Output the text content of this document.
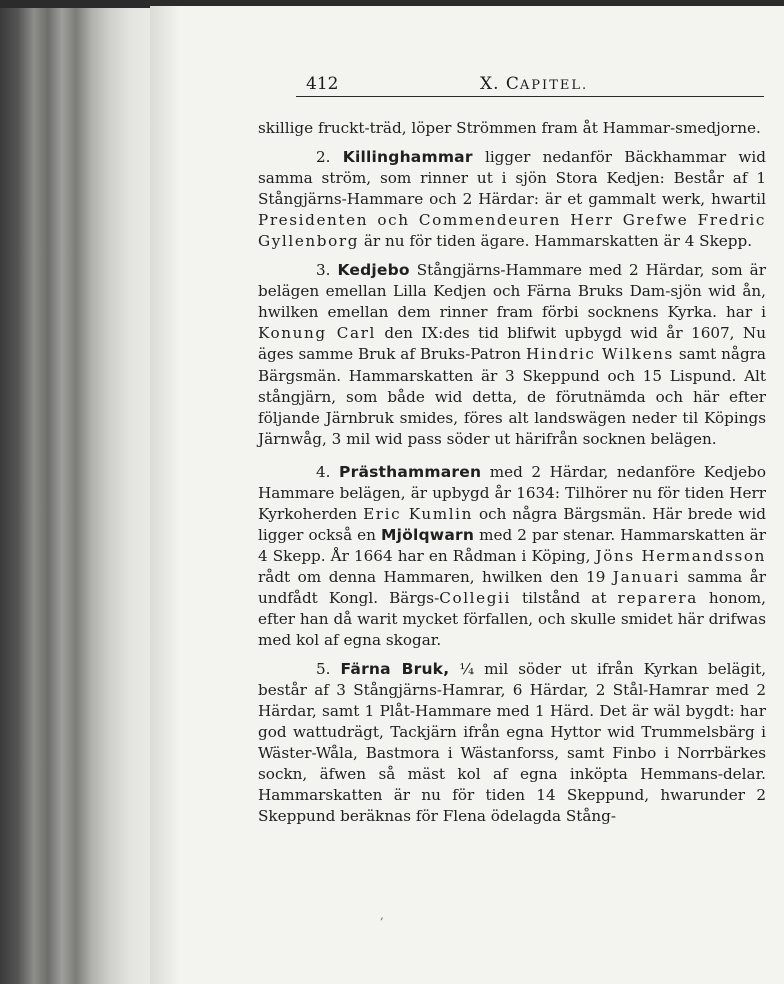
412	X. CAPITEL.

skillige fruckt-träd, löper Strömmen fram åt Hammar-smedjorne.

2. Killinghammar ligger nedanför Bäckhammar wid samma ström, som rinner ut i sjön Stora Kedjen: Består af 1 Stångjärns-Hammare och 2 Härdar: är et gammalt werk, hwartil Presidenten och Commendeuren Herr Grefwe Fredric Gyllenborg är nu för tiden ägare. Hammarskatten är 4 Skepp.

3. Kedjebo Stångjärns-Hammare med 2 Härdar, som är belägen emellan Lilla Kedjen och Färna Bruks Dam-sjön wid ån, hwilken emellan dem rinner fram förbi socknens Kyrka. har i Konung Carl den IX:des tid blifwit upbygd wid år 1607, Nu äges samme Bruk af Bruks-Patron Hindric Wilkens samt några Bärgsmän. Hammarskatten är 3 Skeppund och 15 Lispund. Alt stångjärn, som både wid detta, de förutnämda och här efter följande Järnbruk smides, föres alt landswägen neder til Köpings Järnwåg, 3 mil wid pass söder ut härifrån socknen belägen.

4. Prästhammaren med 2 Härdar, nedanföre Kedjebo Hammare belägen, är upbygd år 1634: Tilhörer nu för tiden Herr Kyrkoherden Eric Kumlin och några Bärgsmän. Här brede wid ligger också en Mjölqwarn med 2 par stenar. Hammarskatten är 4 Skepp. År 1664 har en Rådman i Köping, Jöns Hermandsson rådt om denna Hammaren, hwilken den 19 Januari samma år undfådt Kongl. Bärgs-Collegii tilstånd at reparera honom, efter han då warit mycket förfallen, och skulle smidet här drifwas med kol af egna skogar.

5. Färna Bruk, ¼ mil söder ut ifrån Kyrkan belägit, består af 3 Stångjärns-Hamrar, 6 Härdar, 2 Stål-Hamrar med 2 Härdar, samt 1 Plåt-Hammare med 1 Härd. Det är wäl bygdt: har god wattudrägt, Tackjärn ifrån egna Hyttor wid Trummelsbärg i Wäster-Wåla, Bastmora i Wästanforss, samt Finbo i Norrbärkes sockn, äfwen så mäst kol af egna inköpta Hemmans-delar. Hammarskatten är nu för tiden 14 Skeppund, hwarunder 2 Skeppund beräknas för Flena ödelagda Stång-

,
